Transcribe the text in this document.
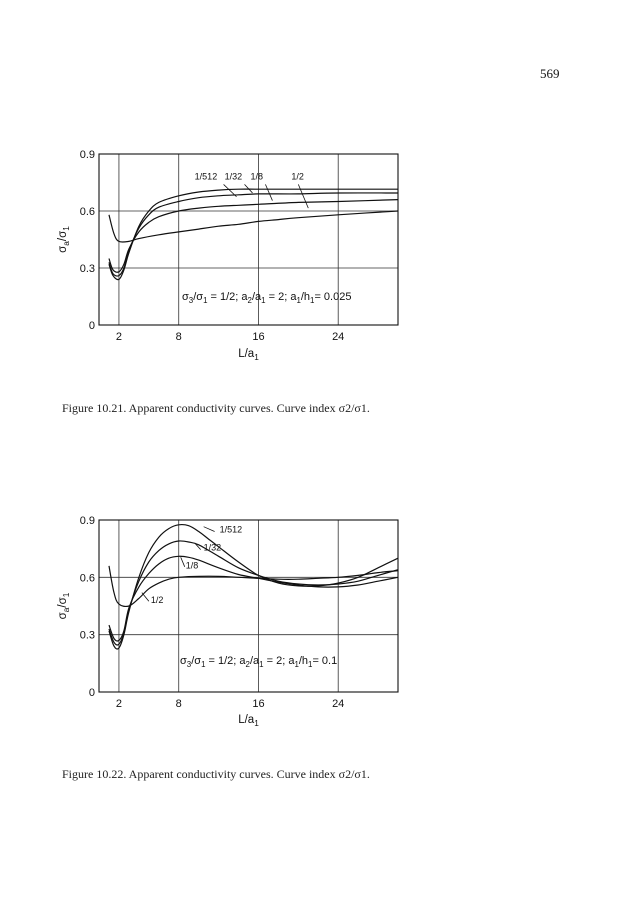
569
2	8	16	24
0
0.3
0.6
0.9
$L/a_1$
$\sigma_a/\sigma_1$
1/512 1/32 1/8	1/2
$\sigma_3/\sigma_1 = 1/2$; $a_2/a_1 = 2$; $a_1/h_1= 0.025$
Figure 10.21. Apparent conductivity curves. Curve index σ2/σ1.
2	8	16	24
0
0.3
0.6
0.9
$L/a_1$
$\sigma_a/\sigma_1$
1/512
1/32
1/8
1/2
$\sigma_3/\sigma_1 = 1/2$; $a_2/a_1 = 2$; $a_1/h_1= 0.1$
Figure 10.22. Apparent conductivity curves. Curve index σ2/σ1.
